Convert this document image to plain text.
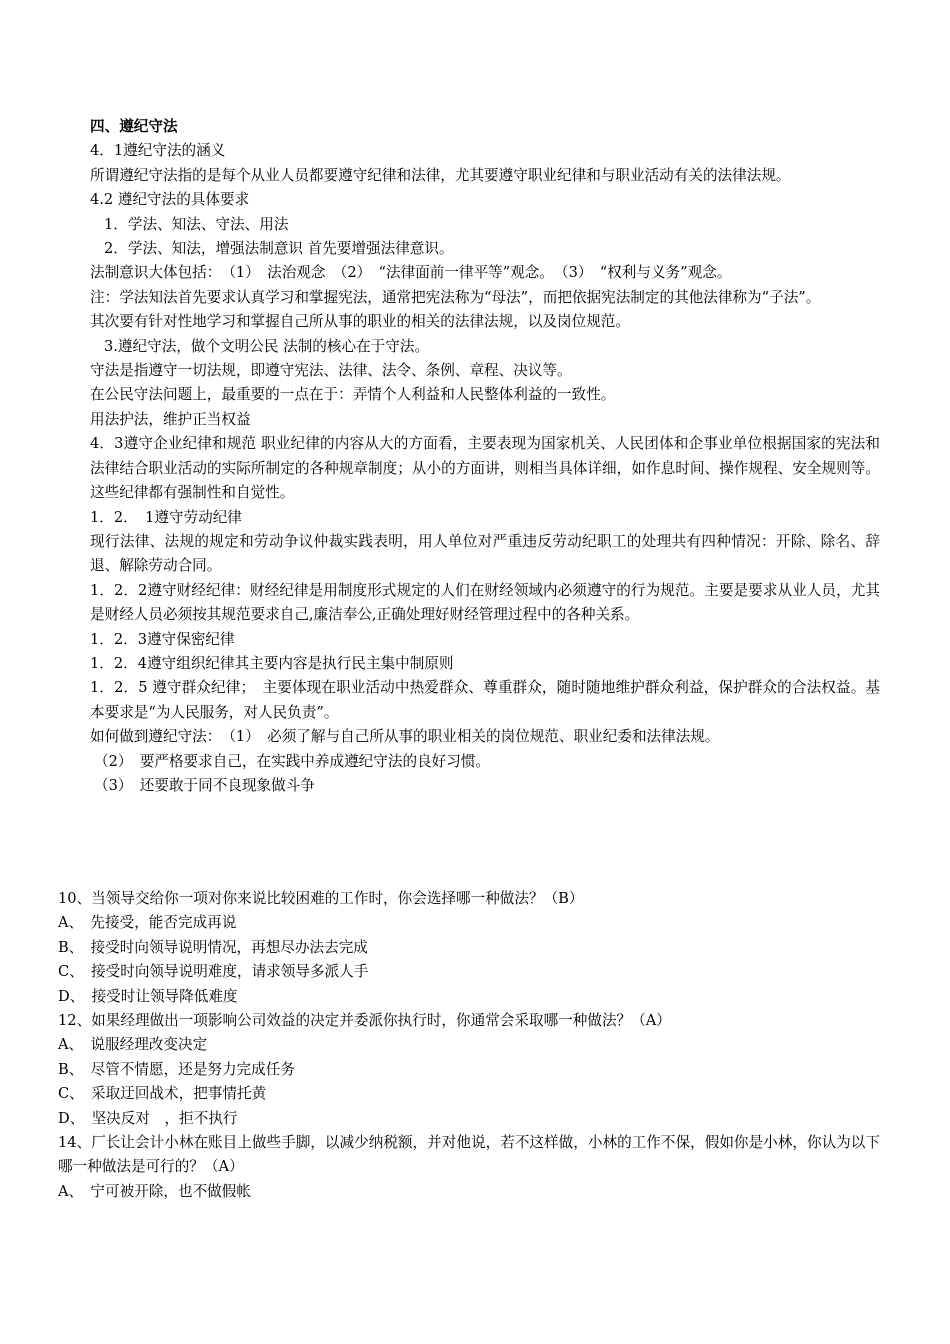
四、遵纪守法
4．1遵纪守法的涵义
所谓遵纪守法指的是每个从业人员都要遵守纪律和法律，尤其要遵守职业纪律和与职业活动有关的法律法规。
4.2 遵纪守法的具体要求
1．学法、知法、守法、用法
2．学法、知法，增强法制意识 首先要增强法律意识。
法制意识大体包括：　（1）　法治观念　（2）　“法律面前一律平等”观念。　（3）　“权利与义务”观念。
注：学法知法首先要求认真学习和掌握宪法，通常把宪法称为“母法”，而把依据宪法制定的其他法律称为“子法”。
其次要有针对性地学习和掌握自己所从事的职业的相关的法律法规，以及岗位规范。
3.遵纪守法，做个文明公民 法制的核心在于守法。
守法是指遵守一切法规，即遵守宪法、法律、法令、条例、章程、决议等。
在公民守法问题上，最重要的一点在于：弄情个人利益和人民整体利益的一致性。
用法护法，维护正当权益
4．3遵守企业纪律和规范 职业纪律的内容从大的方面看，主要表现为国家机关、人民团体和企事业单位根据国家的宪法和法律结合职业活动的实际所制定的各种规章制度；从小的方面讲，则相当具体详细，如作息时间、操作规程、安全规则等。这些纪律都有强制性和自觉性。
1．2．　1遵守劳动纪律
现行法律、法规的规定和劳动争议仲裁实践表明，用人单位对严重违反劳动纪职工的处理共有四种情况：开除、除名、辞退、解除劳动合同。
1．2．2遵守财经纪律：财经纪律是用制度形式规定的人们在财经领域内必须遵守的行为规范。主要是要求从业人员，尤其是财经人员必须按其规范要求自己,廉洁奉公,正确处理好财经管理过程中的各种关系。
1．2．3遵守保密纪律
1．2．4遵守组织纪律其主要内容是执行民主集中制原则
1．2．5 遵守群众纪律；　主要体现在职业活动中热爱群众、尊重群众，随时随地维护群众利益，保护群众的合法权益。基本要求是“为人民服务，对人民负责”。
如何做到遵纪守法：　（1）　必须了解与自己所从事的职业相关的岗位规范、职业纪委和法律法规。
（2）　要严格要求自己，在实践中养成遵纪守法的良好习惯。
（3）　还要敢于同不良现象做斗争
10、当领导交给你一项对你来说比较困难的工作时，你会选择哪一种做法？（B）
A、　先接受，能否完成再说
B、　接受时向领导说明情况，再想尽办法去完成
C、　接受时向领导说明难度，请求领导多派人手
D、　接受时让领导降低难度
12、如果经理做出一项影响公司效益的决定并委派你执行时，你通常会采取哪一种做法？（A）
A、　说服经理改变决定
B、　尽管不情愿，还是努力完成任务
C、　采取迂回战术，把事情托黄
D、　坚决反对　，拒不执行
14、厂长让会计小林在账目上做些手脚，以减少纳税额，并对他说，若不这样做，小林的工作不保，假如你是小林，你认为以下哪一种做法是可行的？（A）
A、　宁可被开除，也不做假帐
